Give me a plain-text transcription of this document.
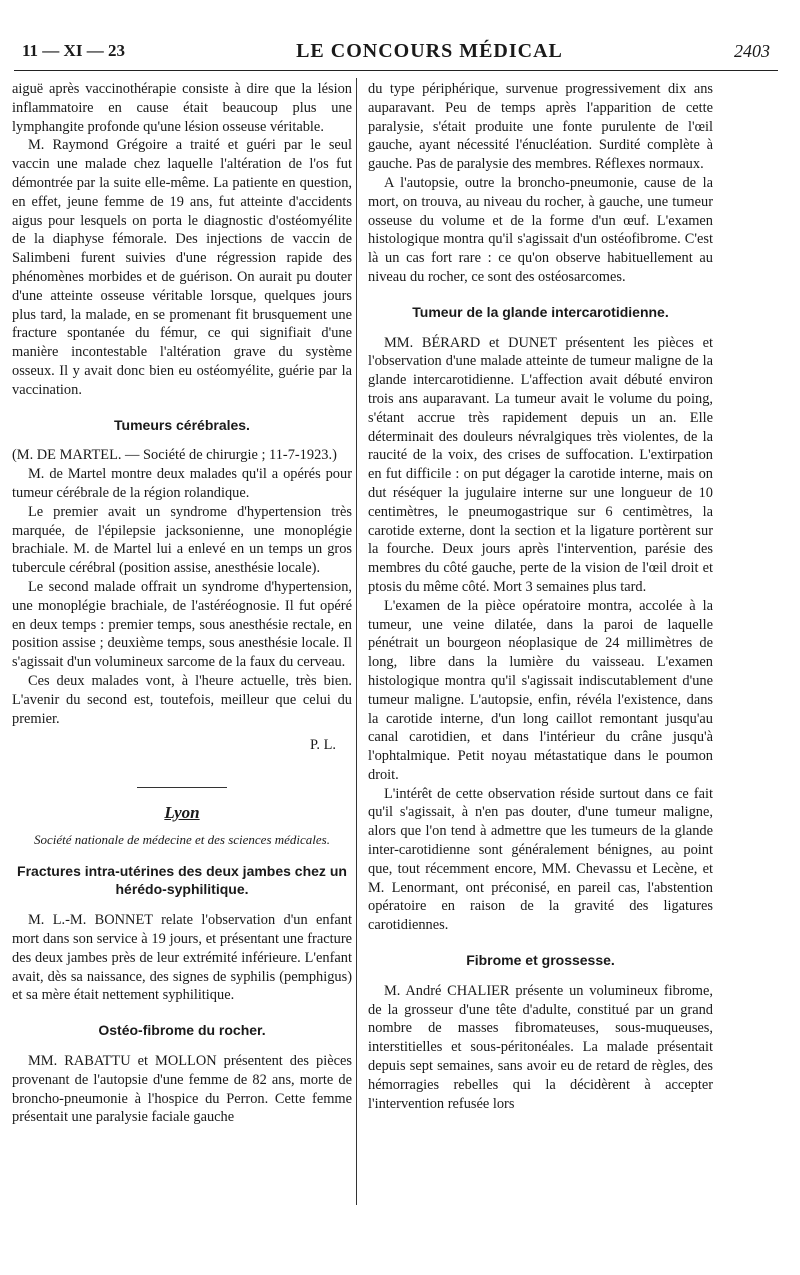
11 — XI — 23	LE CONCOURS MÉDICAL	2403

aiguë après vaccinothérapie consiste à dire que la lésion inflammatoire en cause était beaucoup plus une lymphangite profonde qu'une lésion osseuse véritable.

M. Raymond Grégoire a traité et guéri par le seul vaccin une malade chez laquelle l'altération de l'os fut démontrée par la suite elle-même. La patiente en question, en effet, jeune femme de 19 ans, fut atteinte d'accidents aigus pour lesquels on porta le diagnostic d'ostéomyélite de la diaphyse fémorale. Des injections de vaccin de Salimbeni furent suivies d'une régression rapide des phénomènes morbides et de guérison. On aurait pu douter d'une atteinte osseuse véritable lorsque, quelques jours plus tard, la malade, en se promenant fit brusquement une fracture spontanée du fémur, ce qui signifiait d'une manière incontestable l'altération grave du système osseux. Il y avait donc bien eu ostéomyélite, guérie par la vaccination.

Tumeurs cérébrales.

(M. DE MARTEL. — Société de chirurgie ; 11-7-1923.)

M. de Martel montre deux malades qu'il a opérés pour tumeur cérébrale de la région rolandique.

Le premier avait un syndrome d'hypertension très marquée, de l'épilepsie jacksonienne, une monoplégie brachiale. M. de Martel lui a enlevé en un temps un gros tubercule cérébral (position assise, anesthésie locale).

Le second malade offrait un syndrome d'hypertension, une monoplégie brachiale, de l'astéréognosie. Il fut opéré en deux temps : premier temps, sous anesthésie rectale, en position assise ; deuxième temps, sous anesthésie locale. Il s'agissait d'un volumineux sarcome de la faux du cerveau.

Ces deux malades vont, à l'heure actuelle, très bien. L'avenir du second est, toutefois, meilleur que celui du premier.

P. L.
Lyon
Société nationale de médecine et des sciences médicales.
Fractures intra-utérines des deux jambes chez un hérédo-syphilitique.

M. L.-M. BONNET relate l'observation d'un enfant mort dans son service à 19 jours, et présentant une fracture des deux jambes près de leur extrémité inférieure. L'enfant avait, dès sa naissance, des signes de syphilis (pemphigus) et sa mère était nettement syphilitique.

Ostéo-fibrome du rocher.

MM. RABATTU et MOLLON présentent des pièces provenant de l'autopsie d'une femme de 82 ans, morte de broncho-pneumonie à l'hospice du Perron. Cette femme présentait une paralysie faciale gauche

du type périphérique, survenue progressivement dix ans auparavant. Peu de temps après l'apparition de cette paralysie, s'était produite une fonte purulente de l'œil gauche, ayant nécessité l'énucléation. Surdité complète à gauche. Pas de paralysie des membres. Réflexes normaux.

A l'autopsie, outre la broncho-pneumonie, cause de la mort, on trouva, au niveau du rocher, à gauche, une tumeur osseuse du volume et de la forme d'un œuf. L'examen histologique montra qu'il s'agissait d'un ostéofibrome. C'est là un cas fort rare : ce qu'on observe habituellement au niveau du rocher, ce sont des ostéosarcomes.

Tumeur de la glande intercarotidienne.

MM. BÉRARD et DUNET présentent les pièces et l'observation d'une malade atteinte de tumeur maligne de la glande intercarotidienne. L'affection avait débuté environ trois ans auparavant. La tumeur avait le volume du poing, s'étant accrue très rapidement depuis un an. Elle déterminait des douleurs névralgiques très violentes, de la raucité de la voix, des crises de suffocation. L'extirpation en fut difficile : on put dégager la carotide interne, mais on dut réséquer la jugulaire interne sur une longueur de 10 centimètres, le pneumogastrique sur 6 centimètres, la carotide externe, dont la section et la ligature portèrent sur la fourche. Deux jours après l'intervention, parésie des membres du côté gauche, perte de la vision de l'œil droit et ptosis du même côté. Mort 3 semaines plus tard.

L'examen de la pièce opératoire montra, accolée à la tumeur, une veine dilatée, dans la paroi de laquelle pénétrait un bourgeon néoplasique de 24 millimètres de long, libre dans la lumière du vaisseau. L'examen histologique montra qu'il s'agissait indiscutablement d'une tumeur maligne. L'autopsie, enfin, révéla l'existence, dans la carotide interne, d'un long caillot remontant jusqu'au canal carotidien, et dans l'intérieur du crâne jusqu'à l'ophtalmique. Petit noyau métastatique dans le poumon droit.

L'intérêt de cette observation réside surtout dans ce fait qu'il s'agissait, à n'en pas douter, d'une tumeur maligne, alors que l'on tend à admettre que les tumeurs de la glande inter-carotidienne sont généralement bénignes, au point que, tout récemment encore, MM. Chevassu et Lecène, et M. Lenormant, ont préconisé, en pareil cas, l'abstention opératoire en raison de la gravité des ligatures carotidiennes.

Fibrome et grossesse.

M. André CHALIER présente un volumineux fibrome, de la grosseur d'une tête d'adulte, constitué par un grand nombre de masses fibromateuses, sous-muqueuses, interstitielles et sous-péritonéales. La malade présentait depuis sept semaines, sans avoir eu de retard de règles, des hémorragies rebelles qui la décidèrent à accepter l'intervention refusée lors
